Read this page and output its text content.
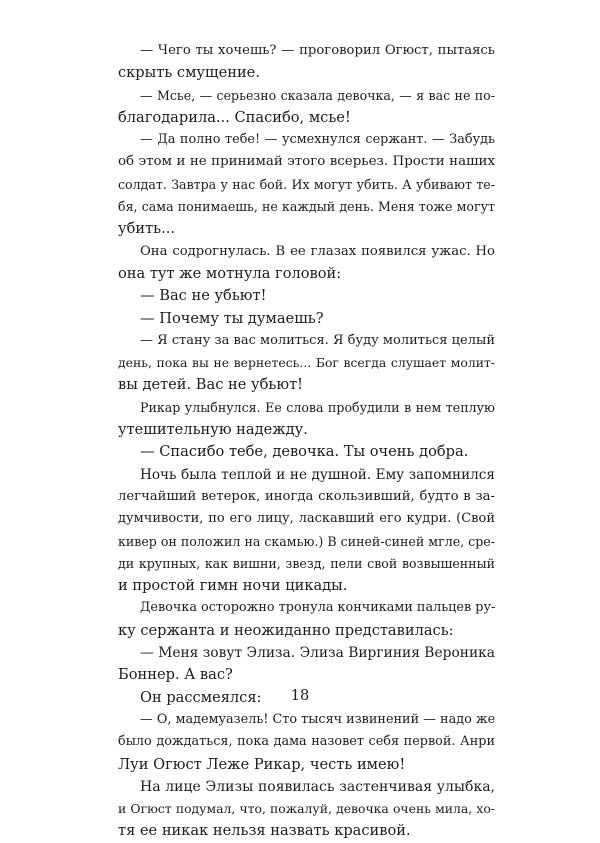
— Чего ты хочешь? — проговорил Огюст, пытаясь
скрыть смущение.
— Мсье, — серьезно сказала девочка, — я вас не по-
благодарила... Спасибо, мсье!
— Да полно тебе! — усмехнулся сержант. — Забудь
об этом и не принимай этого всерьез. Прости наших
солдат. Завтра у нас бой. Их могут убить. А убивают те-
бя, сама понимаешь, не каждый день. Меня тоже могут
убить...
Она содрогнулась. В ее глазах появился ужас. Но
она тут же мотнула головой:
— Вас не убьют!
— Почему ты думаешь?
— Я стану за вас молиться. Я буду молиться целый
день, пока вы не вернетесь... Бог всегда слушает молит-
вы детей. Вас не убьют!
Рикар улыбнулся. Ее слова пробудили в нем теплую
утешительную надежду.
— Спасибо тебе, девочка. Ты очень добра.
Ночь была теплой и не душной. Ему запомнился
легчайший ветерок, иногда скользивший, будто в за-
думчивости, по его лицу, ласкавший его кудри. (Свой
кивер он положил на скамью.) В синей-синей мгле, сре-
ди крупных, как вишни, звезд, пели свой возвышенный
и простой гимн ночи цикады.
Девочка осторожно тронула кончиками пальцев ру-
ку сержанта и неожиданно представилась:
— Меня зовут Элиза. Элиза Виргиния Вероника
Боннер. А вас?
Он рассмеялся:
— О, мадемуазель! Сто тысяч извинений — надо же
было дождаться, пока дама назовет себя первой. Анри
Луи Огюст Леже Рикар, честь имею!
На лице Элизы появилась застенчивая улыбка,
и Огюст подумал, что, пожалуй, девочка очень мила, хо-
тя ее никак нельзя назвать красивой.
18
